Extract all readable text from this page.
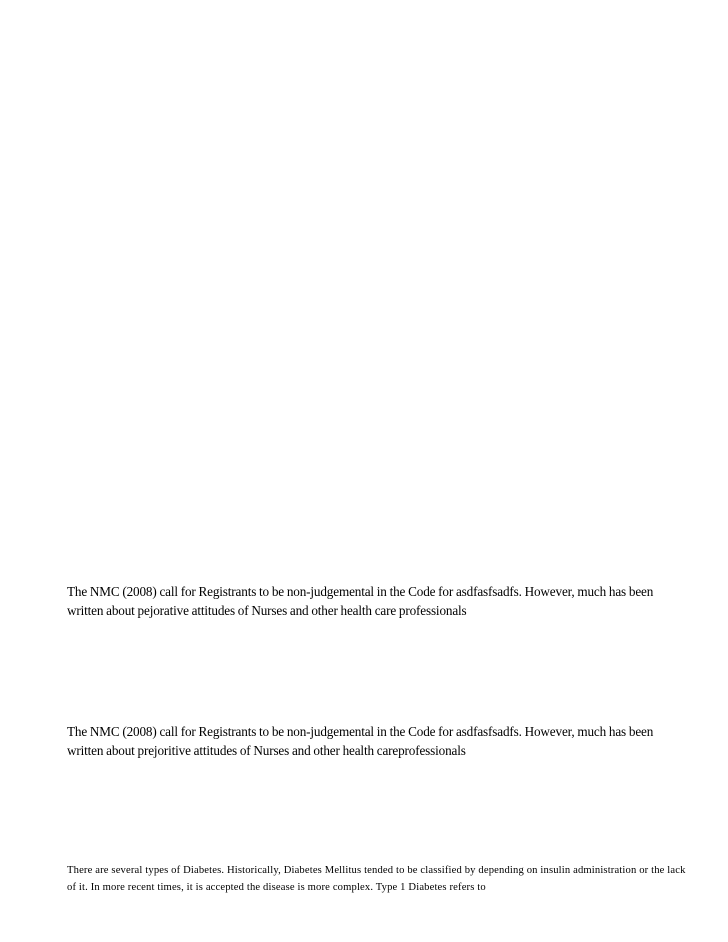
The NMC (2008) call for Registrants to be non-judgemental in the Code for asdfasfsadfs. However, much has been written about pejorative attitudes of Nurses and other health care professionals

The NMC (2008) call for Registrants to be non-judgemental in the Code for asdfasfsadfs. However, much has been written about prejoritive attitudes of Nurses and other health careprofessionals

There are several types of Diabetes. Historically, Diabetes Mellitus tended to be classified by depending on insulin administration or the lack of it. In more recent times, it is accepted the disease is more complex. Type 1 Diabetes refers to
